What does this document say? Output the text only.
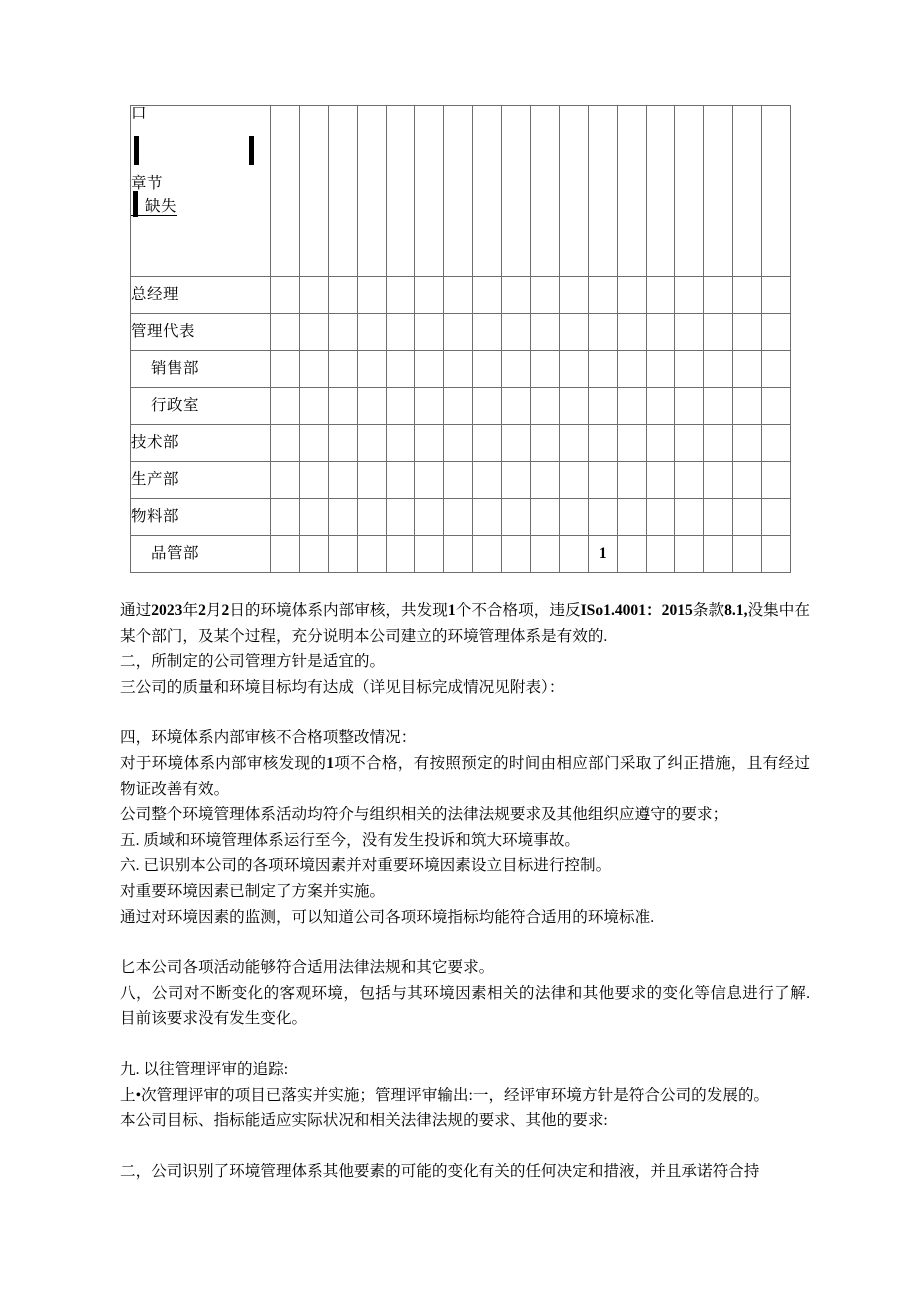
口
章节
缺失																		

总经理																		
管理代表																		
销售部																		
行政室																		
技术部																		
生产部																		
物料部																		
品管部												1						

通过2023年2月2日的环境体系内部审核，共发现1个不合格项，违反ISo1.4001：2015条款8.1,没集中在某个部门，及某个过程，充分说明本公司建立的环境管理体系是有效的.

二，所制定的公司管理方针是适宜的。

三公司的质量和环境目标均有达成（详见目标完成情况见附表）：

四，环境体系内部审核不合格项整改情况：

对于环境体系内部审核发现的1项不合格，有按照预定的时间由相应部门采取了纠正措施，且有经过物证改善有效。

公司整个环境管理体系活动均符介与组织相关的法律法规要求及其他组织应遵守的要求；

五. 质域和环境管理体系运行至今，没有发生投诉和筑大环境事故。

六. 已识别本公司的各项环境因素并对重要环境因素设立目标进行控制。

对重要环境因素已制定了方案并实施。

通过对环境因素的监测，可以知道公司各项环境指标均能符合适用的环境标准.

匕本公司各项活动能够符合适用法律法规和其它要求。

八，公司对不断变化的客观环境，包括与其环境因素相关的法律和其他要求的变化等信息进行了解. 目前该要求没有发生变化。

九. 以往管理评审的追踪:

上•次管理评审的项目已落实并实施；管理评审输出:一，经评审环境方针是符合公司的发展的。

本公司目标、指标能适应实际状况和相关法律法规的要求、其他的要求:

二，公司识别了环境管理体系其他要素的可能的变化有关的任何决定和措液，并且承诺符合持
